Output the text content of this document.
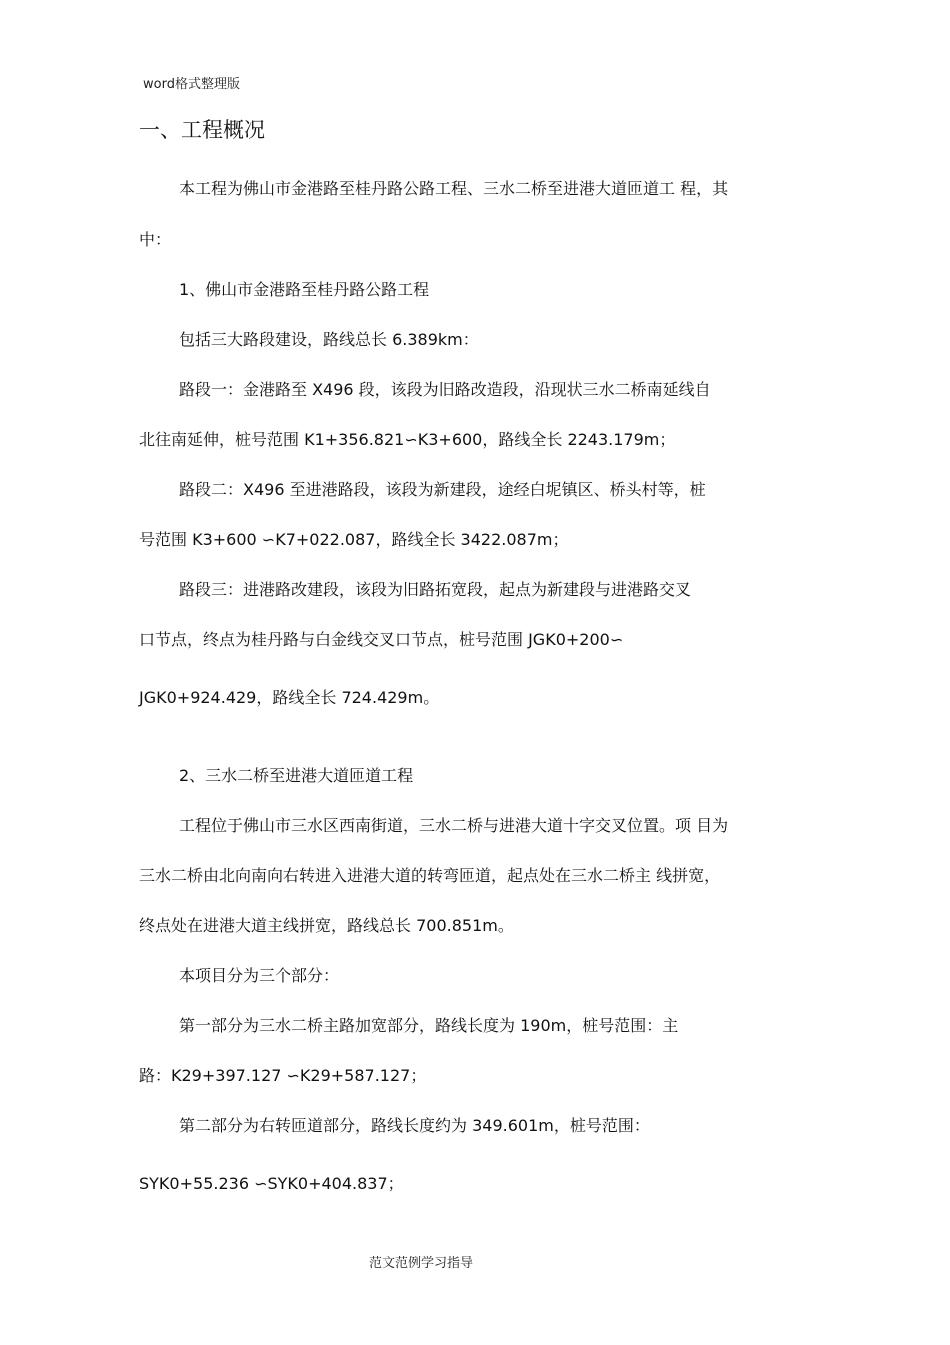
word格式整理版
一、工程概况
本工程为佛山市金港路至桂丹路公路工程、三水二桥至进港大道匝道工 程，其
中：
1、佛山市金港路至桂丹路公路工程
包括三大路段建设，路线总长 6.389km：
路段一：金港路至 X496 段，该段为旧路改造段，沿现状三水二桥南延线自
北往南延伸，桩号范围 K1+356.821∽K3+600，路线全长 2243.179m；
路段二：X496 至进港路段，该段为新建段，途经白坭镇区、桥头村等，桩
号范围 K3+600 ∽K7+022.087，路线全长 3422.087m；
路段三：进港路改建段，该段为旧路拓宽段，起点为新建段与进港路交叉
口节点，终点为桂丹路与白金线交叉口节点，桩号范围 JGK0+200∽
JGK0+924.429，路线全长 724.429m。
2、三水二桥至进港大道匝道工程
工程位于佛山市三水区西南街道，三水二桥与进港大道十字交叉位置。项 目为
三水二桥由北向南向右转进入进港大道的转弯匝道，起点处在三水二桥主 线拼宽，
终点处在进港大道主线拼宽，路线总长 700.851m。
本项目分为三个部分：
第一部分为三水二桥主路加宽部分，路线长度为 190m，桩号范围：主
路：K29+397.127 ∽K29+587.127；
第二部分为右转匝道部分，路线长度约为 349.601m，桩号范围：
SYK0+55.236 ∽SYK0+404.837；
范文范例学习指导
